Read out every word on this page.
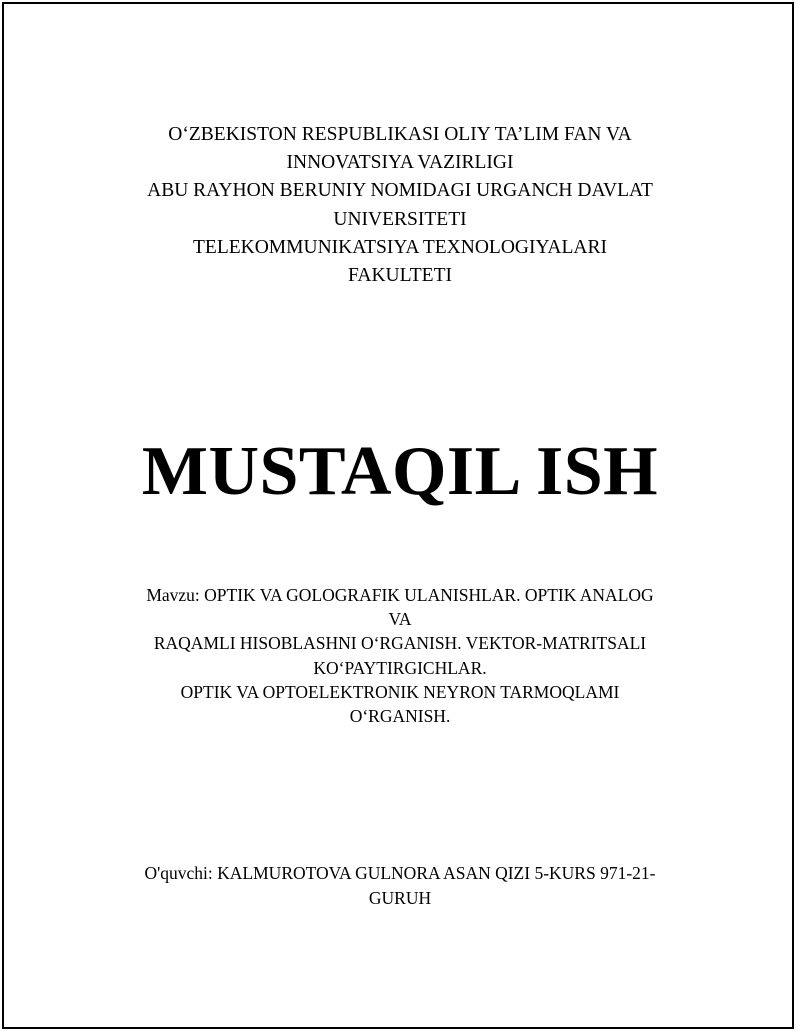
O‘ZBEKISTON RESPUBLIKASI OLIY TA’LIM FAN VA
INNOVATSIYA VAZIRLIGI
ABU RAYHON BERUNIY NOMIDAGI URGANCH DAVLAT
UNIVERSITETI
TELEKOMMUNIKATSIYA TEXNOLOGIYALARI
FAKULTETI
MUSTAQIL ISH
Mavzu: OPTIK VA GOLOGRAFIK ULANISHLAR. OPTIK ANALOG
VA
RAQAMLI HISOBLASHNI O‘RGANISH. VEKTOR-MATRITSALI
KO‘PAYTIRGICHLAR.
OPTIK VA OPTOELEKTRONIK NEYRON TARMOQLAMI
O‘RGANISH.
O'quvchi: KALMUROTOVA GULNORA ASAN QIZI 5-KURS 971-21-
GURUH
